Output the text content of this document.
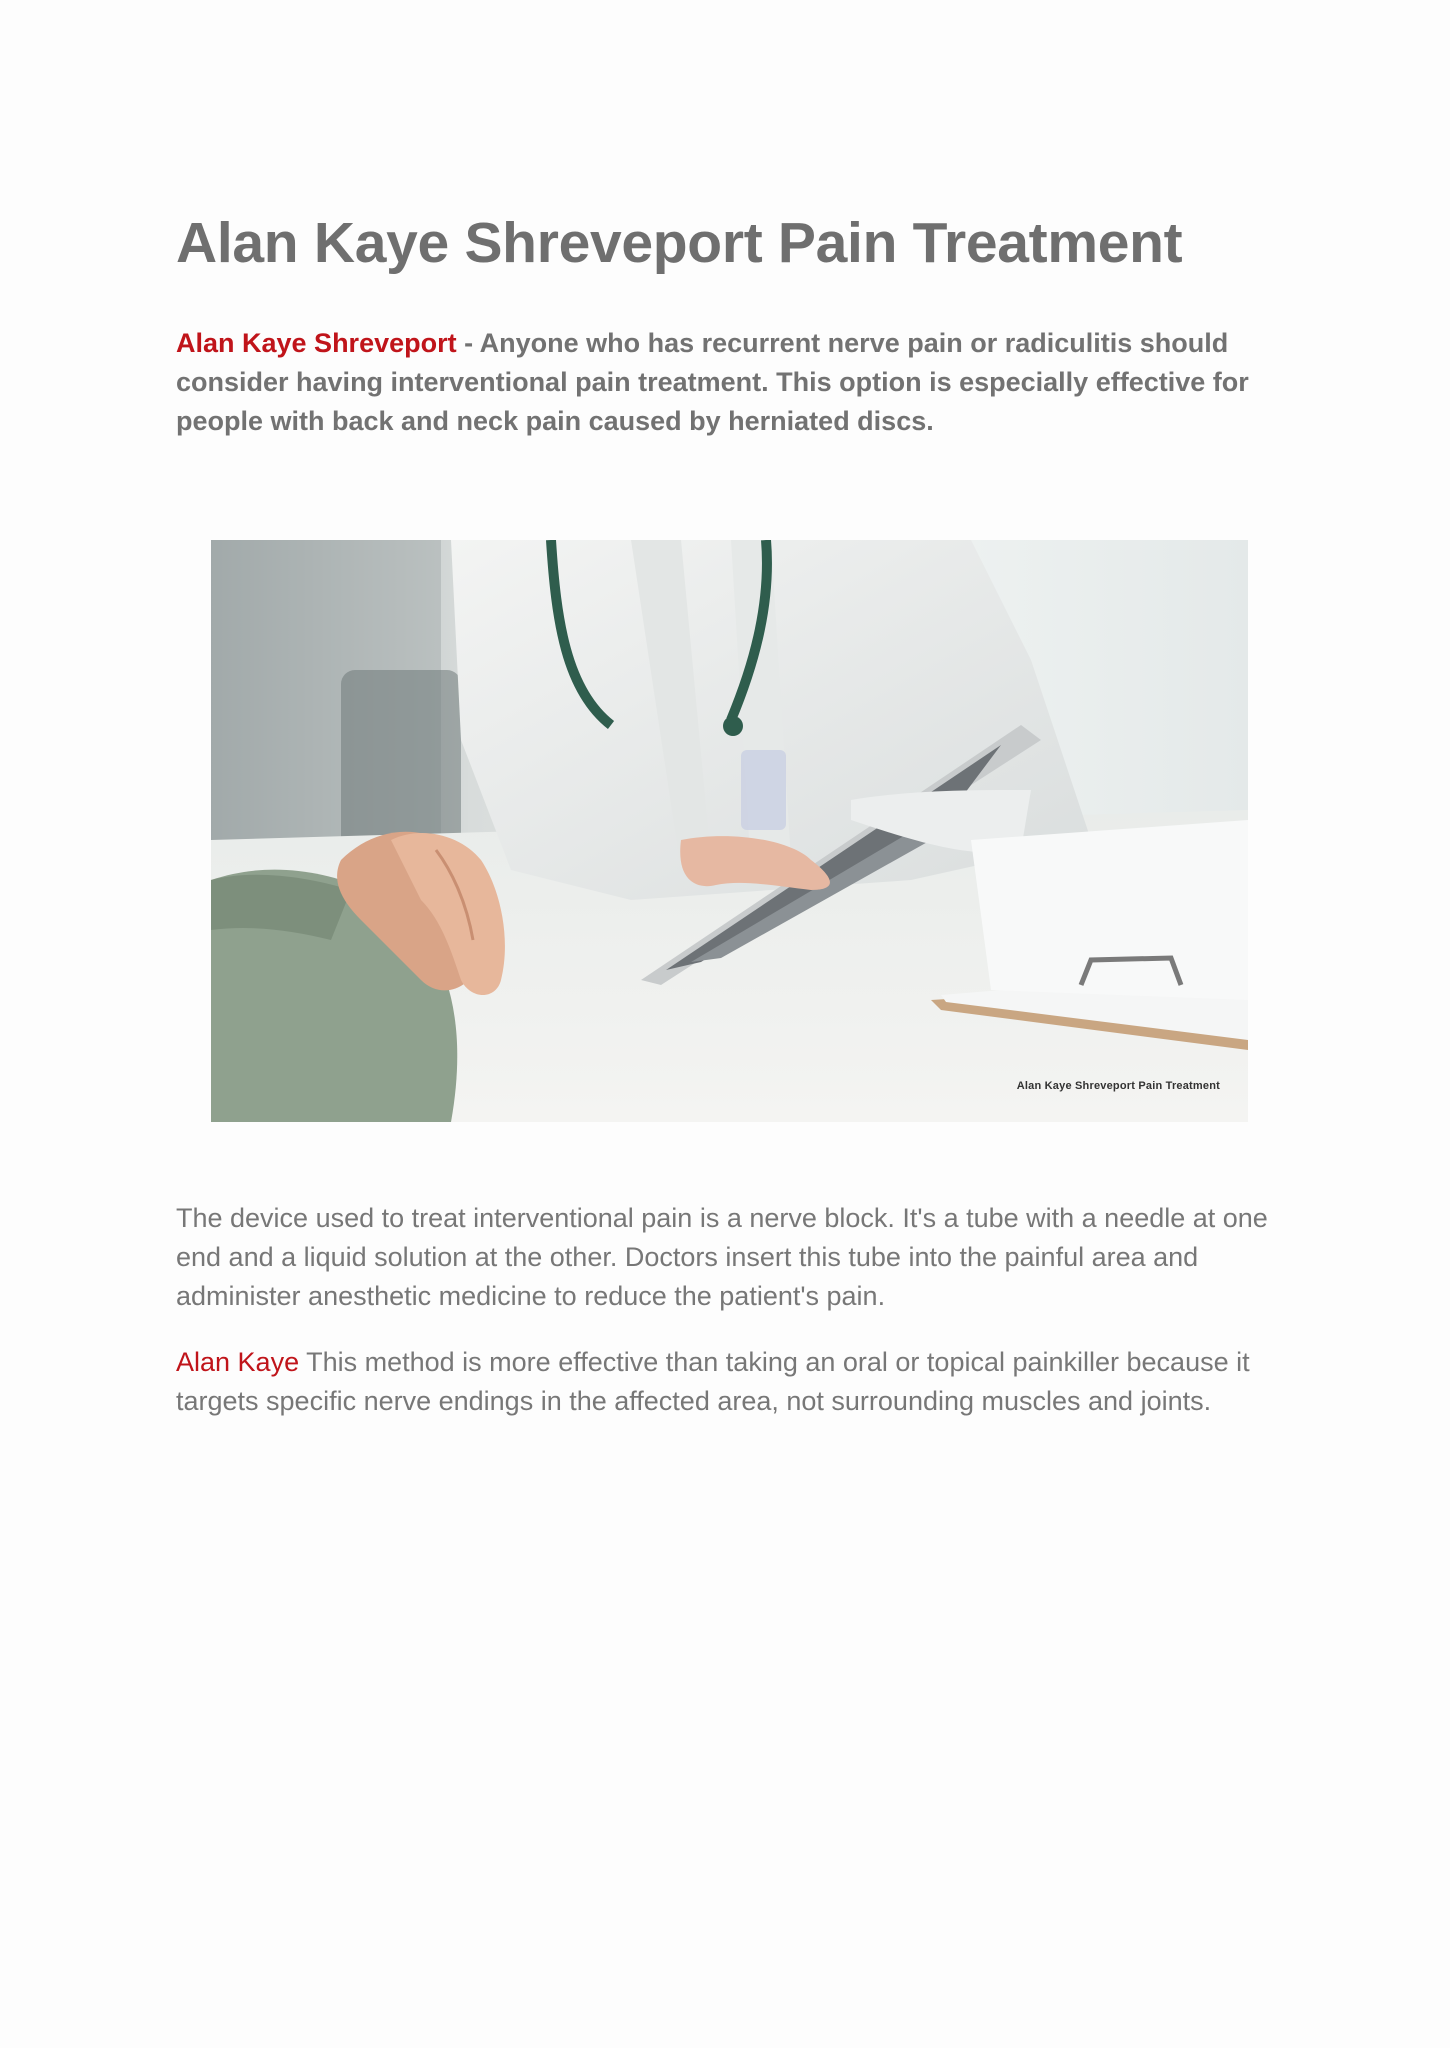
Alan Kaye Shreveport Pain Treatment

Alan Kaye Shreveport - Anyone who has recurrent nerve pain or radiculitis should consider having interventional pain treatment. This option is especially effective for people with back and neck pain caused by herniated discs.

Alan Kaye Shreveport Pain Treatment

The device used to treat interventional pain is a nerve block. It's a tube with a needle at one end and a liquid solution at the other. Doctors insert this tube into the painful area and administer anesthetic medicine to reduce the patient's pain.

Alan Kaye This method is more effective than taking an oral or topical painkiller because it targets specific nerve endings in the affected area, not surrounding muscles and joints.
